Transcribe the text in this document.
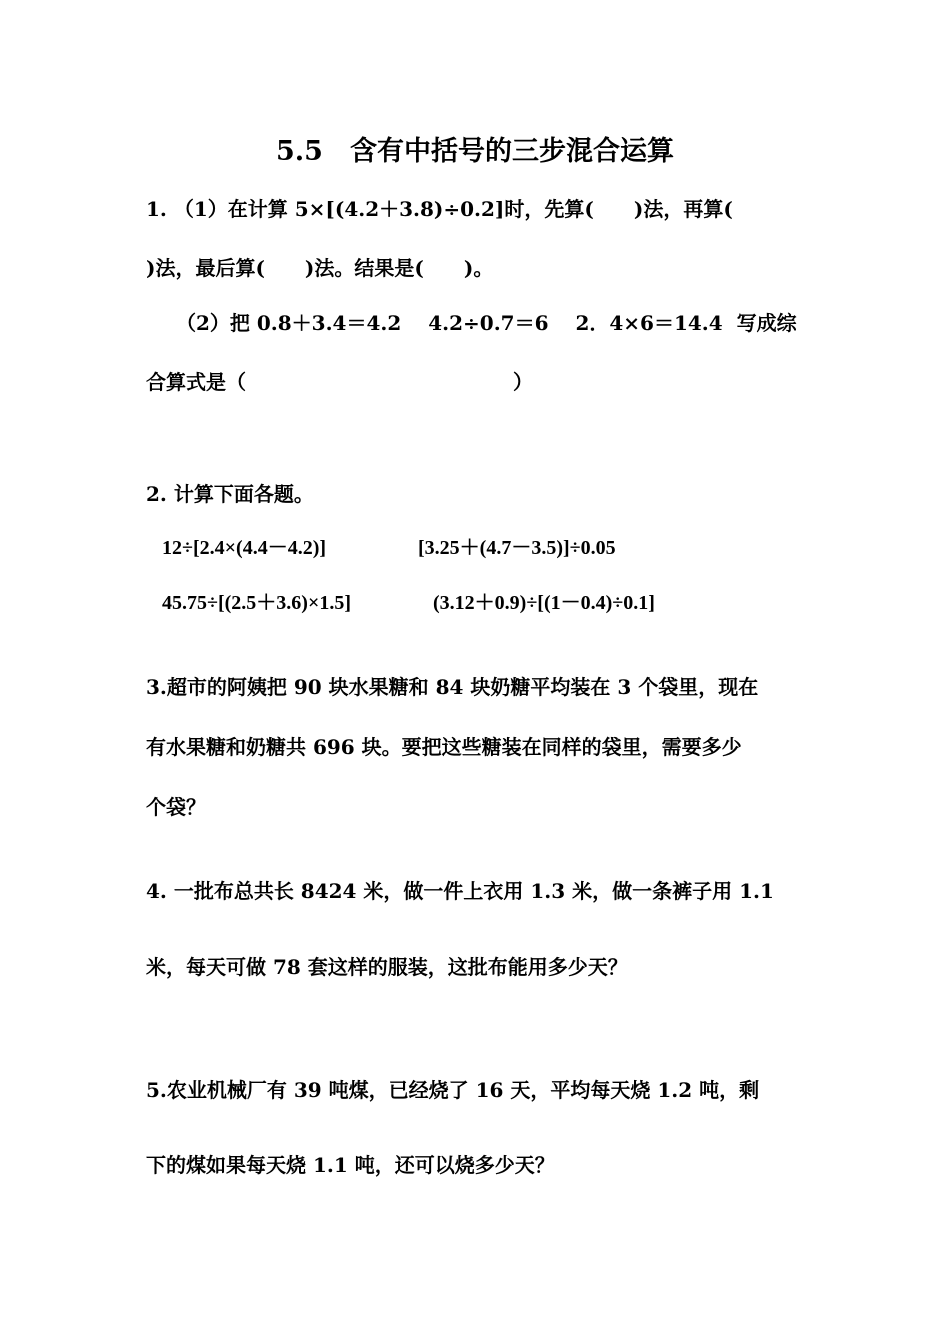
5.5　含有中括号的三步混合运算
1. （1）在计算 5×[(4.2＋3.8)÷0.2]时，先算(　　)法，再算(
)法，最后算(　　)法。结果是(　　)。
（2）把 0.8＋3.4＝4.2　 4.2÷0.7＝6　 2．4×6＝14.4  写成综
合算式是（　　　　　　　　　　　　　 ）
2. 计算下面各题。
12÷[2.4×(4.4－4.2)]	[3.25＋(4.7－3.5)]÷0.05
45.75÷[(2.5＋3.6)×1.5]	(3.12＋0.9)÷[(1－0.4)÷0.1]
3.超市的阿姨把 90 块水果糖和 84 块奶糖平均装在 3 个袋里，现在
有水果糖和奶糖共 696 块。要把这些糖装在同样的袋里，需要多少
个袋？
4. 一批布总共长 8424 米，做一件上衣用 1.3 米，做一条裤子用 1.1
米，每天可做 78 套这样的服装，这批布能用多少天？
5.农业机械厂有 39 吨煤，已经烧了 16 天，平均每天烧 1.2 吨，剩
下的煤如果每天烧 1.1 吨，还可以烧多少天？
